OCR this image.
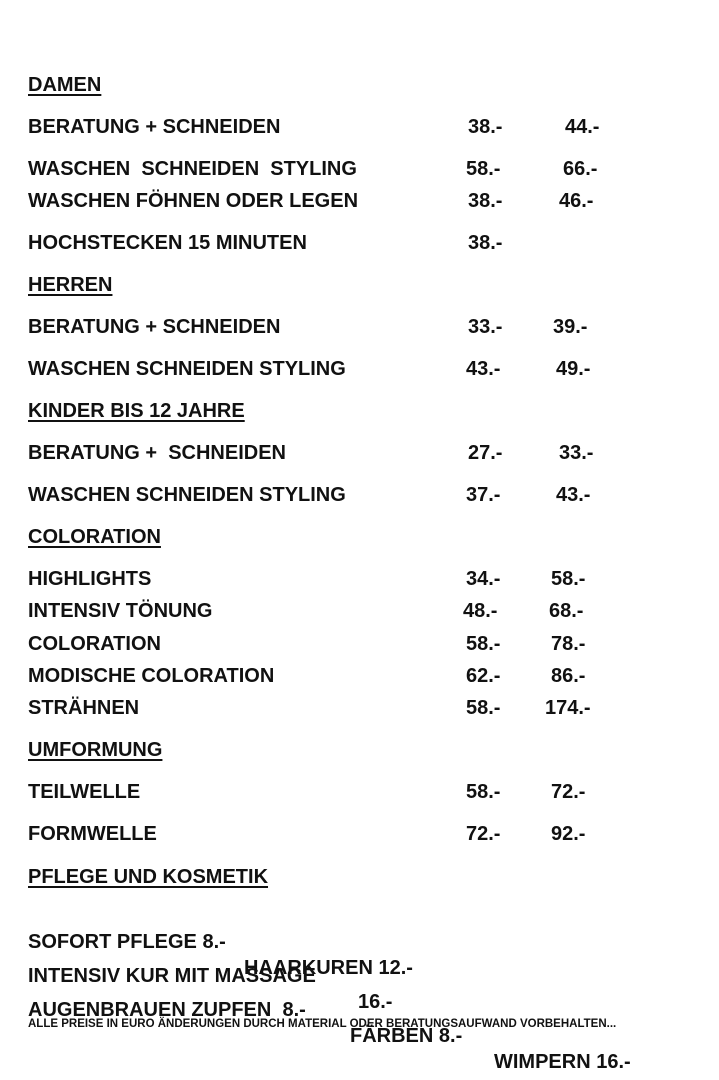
DAMEN
BERATUNG + SCHNEIDEN	38.-	44.-
WASCHEN  SCHNEIDEN  STYLING	58.-	66.-
WASCHEN FÖHNEN ODER LEGEN	38.-	46.-
HOCHSTECKEN 15 MINUTEN	38.-
HERREN
BERATUNG + SCHNEIDEN	33.-	39.-
WASCHEN SCHNEIDEN STYLING	43.-	49.-
KINDER BIS 12 JAHRE
BERATUNG +  SCHNEIDEN	27.-	33.-
WASCHEN SCHNEIDEN STYLING	37.-	43.-
COLORATION
HIGHLIGHTS	34.-	58.-
INTENSIV TÖNUNG	48.-	68.-
COLORATION	58.-	78.-
MODISCHE COLORATION	62.-	86.-
STRÄHNEN	58.- 174.-
UMFORMUNG
TEILWELLE	58.-	72.-
FORMWELLE	72.-	92.-
PFLEGE UND KOSMETIK

SOFORT PFLEGE 8.-

HAARKUREN 12.-

INTENSIV KUR MIT MASSAGE

16.-

AUGENBRAUEN ZUPFEN  8.-

FÄRBEN 8.-

WIMPERN 16.-

ALLE PREISE IN EURO ÄNDERUNGEN DURCH MATERIAL ODER BERATUNGSAUFWAND VORBEHALTEN...
